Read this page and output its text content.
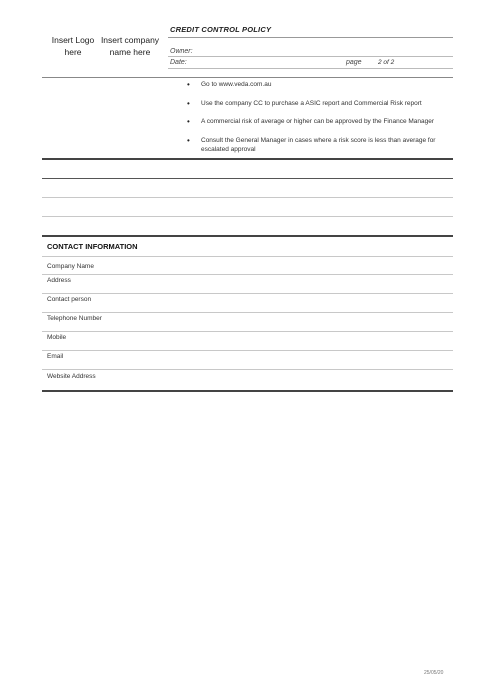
Insert Logo here
Insert company name here
CREDIT CONTROL POLICY
Owner:
Date:	page	2 of 2
• Go to www.veda.com.au
• Use the company CC to purchase a ASIC report and Commercial Risk report
• A commercial risk of average or higher can be approved by the Finance Manager
• Consult the General Manager in cases where a risk score is less than average for escalated approval
CONTACT INFORMATION
Company Name
Address
Contact person
Telephone Number
Mobile
Email
Website Address
25/05/20
